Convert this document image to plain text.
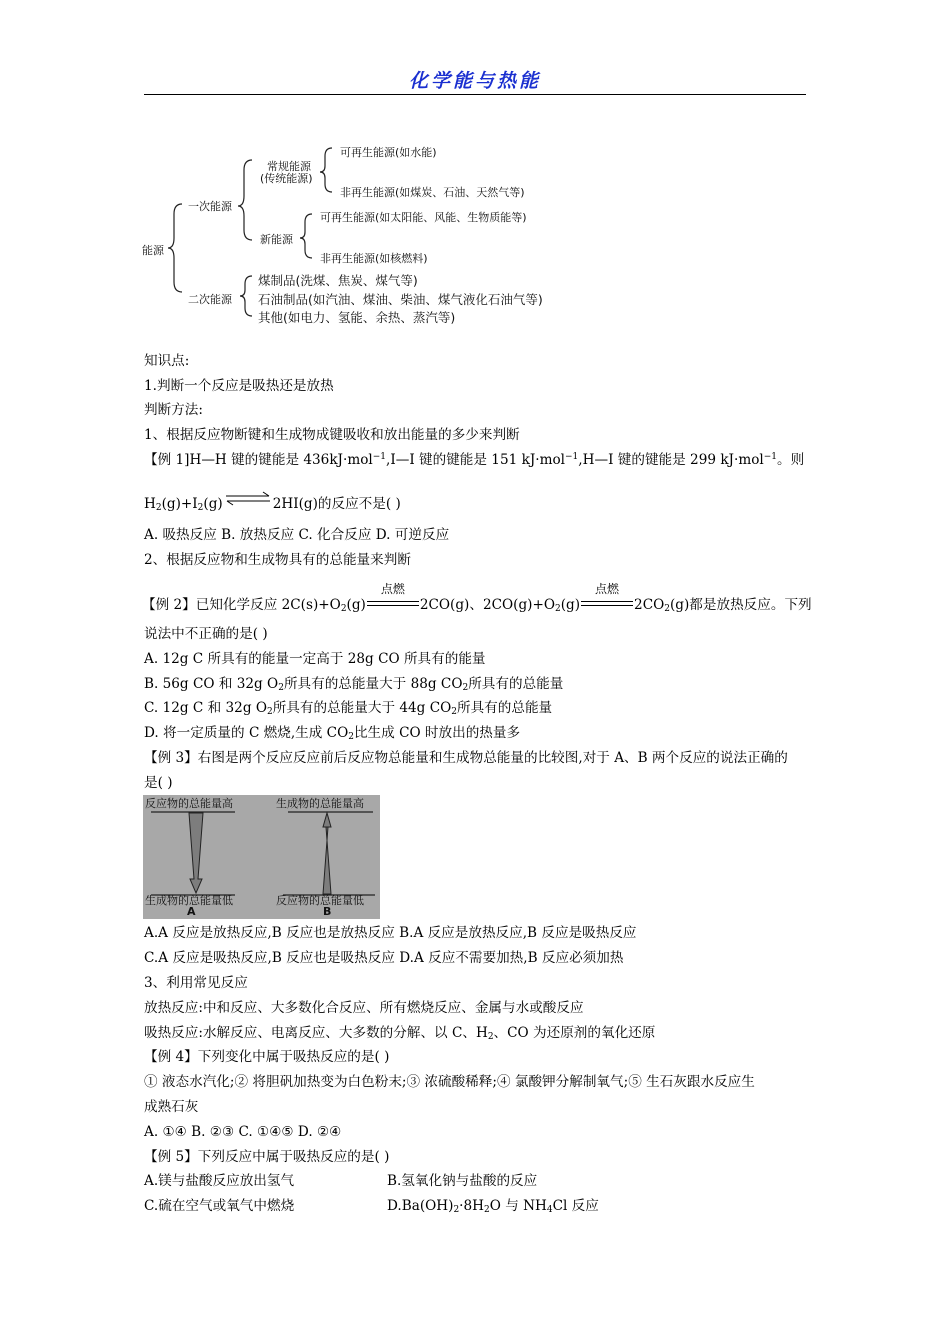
化学能与热能
能源
一次能源
常规能源
(传统能源)
可再生能源(如水能)
非再生能源(如煤炭、石油、天然气等)
新能源
可再生能源(如太阳能、风能、生物质能等)
非再生能源(如核燃料)
二次能源
煤制品(洗煤、焦炭、煤气等)
石油制品(如汽油、煤油、柴油、煤气液化石油气等)
其他(如电力、氢能、余热、蒸汽等)
知识点:
1.判断一个反应是吸热还是放热
判断方法:
1、根据反应物断键和生成物成键吸收和放出能量的多少来判断
【例 1]H—H 键的键能是 436kJ·mol$^{-1}$,I—I 键的键能是 151 kJ·mol$^{-1}$,H—I 键的键能是 299 kJ·mol$^{-1}$。则
$H_2(g)+I_2(g)$ ⇌ 2HI(g)的反应不是( )
A. 吸热反应 B. 放热反应 C. 化合反应 D. 可逆反应
2、根据反应物和生成物具有的总能量来判断
【例 2】已知化学反应 $2C(s)+O_2(g)$
点燃
2CO(g)、$2CO(g)+O_2(g)$
点燃
$2CO_2(g)$都是放热反应。下列
说法中不正确的是( )
A. 12g C 所具有的能量一定高于 28g CO 所具有的能量
B. 56g CO 和 32g $O_2$所具有的总能量大于 88g $CO_2$所具有的总能量
C. 12g C 和 32g $O_2$所具有的总能量大于 44g $CO_2$所具有的总能量
D. 将一定质量的 C 燃烧,生成 $CO_2$比生成 CO 时放出的热量多
【例 3】右图是两个反应反应前后反应物总能量和生成物总能量的比较图,对于 A、B 两个反应的说法正确的
是( )
反应物的总能量高
生成物的总能量低
A
生成物的总能量高
反应物的总能量低
B
A.A 反应是放热反应,B 反应也是放热反应 B.A 反应是放热反应,B 反应是吸热反应
C.A 反应是吸热反应,B 反应也是吸热反应 D.A 反应不需要加热,B 反应必须加热
3、利用常见反应
放热反应:中和反应、大多数化合反应、所有燃烧反应、金属与水或酸反应
吸热反应:水解反应、电离反应、大多数的分解、以 C、$H_2$、CO 为还原剂的氧化还原
【例 4】下列变化中属于吸热反应的是( )
① 液态水汽化;② 将胆矾加热变为白色粉末;③ 浓硫酸稀释;④ 氯酸钾分解制氧气;⑤ 生石灰跟水反应生
成熟石灰
A. ①④ B. ②③ C. ①④⑤ D. ②④
【例 5】下列反应中属于吸热反应的是( )
A.镁与盐酸反应放出氢气	B.氢氧化钠与盐酸的反应
C.硫在空气或氧气中燃烧	$D.Ba(OH)_2\cdot 8H_2O$ 与 $NH_4Cl$ 反应
